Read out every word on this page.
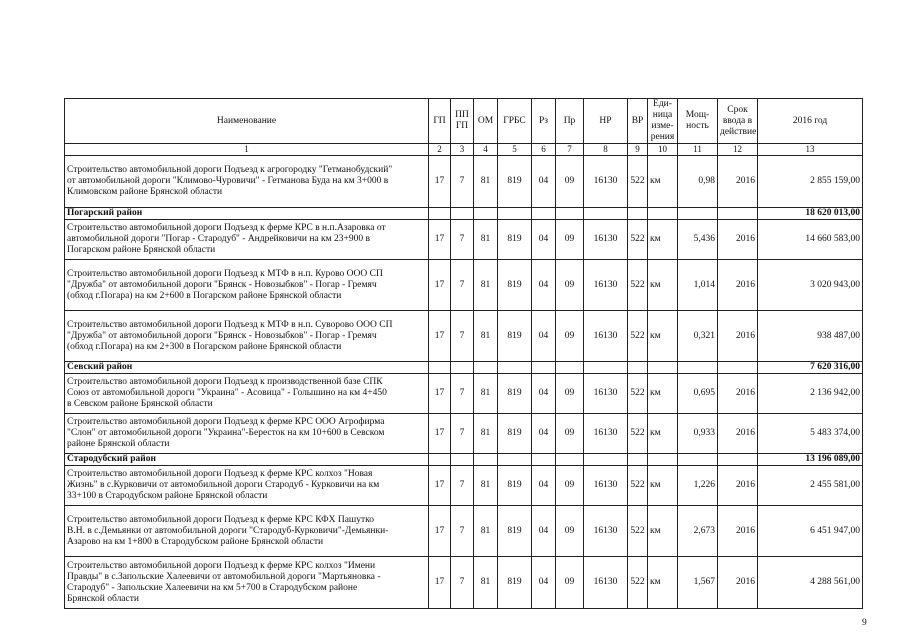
Наименование	ГП	ППГП	ОМ	ГРБС	Рз	Пр	НР	ВР	Еди-ница изме-рения	Мощ-ность	Срок ввода в действие	2016 год
1	2	3	4	5	6	7	8	9	10	11	12	13
Строительство автомобильной дороги Подъезд к агрогородку "Гетманобудский"
от автомобильной дороги "Климово-Чуровичи" - Гетманова Буда на км 3+000 в
Климовском районе Брянской области	17	7	81	819	04	09	16130	522	км	0,98	2016	2 855 159,00
Погарский район												18 620 013,00
Строительство автомобильной дороги Подъезд к ферме КРС в н.п.Азаровка от
автомобильной дороги "Погар - Стародуб" - Андрейковичи на км 23+900 в
Погарском районе Брянской области	17	7	81	819	04	09	16130	522	км	5,436	2016	14 660 583,00
Строительство автомобильной дороги Подъезд к МТФ в н.п. Курово ООО СП
"Дружба" от автомобильной дороги "Брянск - Новозыбков" - Погар - Гремяч
(обход г.Погара) на км 2+600 в Погарском районе Брянской области	17	7	81	819	04	09	16130	522	км	1,014	2016	3 020 943,00
Строительство автомобильной дороги Подъезд к МТФ в н.п. Суворово ООО СП
"Дружба" от автомобильной дороги "Брянск - Новозыбков" - Погар - Гремяч
(обход г.Погара) на км 2+300 в Погарском районе Брянской области	17	7	81	819	04	09	16130	522	км	0,321	2016	938 487,00
Севский район												7 620 316,00
Строительство автомобильной дороги Подъезд к производственной базе СПК
Союз от автомобильной дороги "Украина" - Асовица" - Голышино на км 4+450
в Севском районе Брянской области	17	7	81	819	04	09	16130	522	км	0,695	2016	2 136 942,00
Строительство автомобильной дороги Подъезд к ферме КРС ООО Агрофирма
"Слон" от автомобильной дороги "Украина"-Бересток на км 10+600 в Севском
районе Брянской области	17	7	81	819	04	09	16130	522	км	0,933	2016	5 483 374,00
Стародубский район												13 196 089,00
Строительство автомобильной дороги Подъезд к ферме КРС колхоз "Новая
Жизнь" в с.Курковичи от автомобильной дороги Стародуб - Курковичи на км
33+100 в Стародубском районе Брянской области	17	7	81	819	04	09	16130	522	км	1,226	2016	2 455 581,00
Строительство автомобильной дороги Подъезд к ферме КРС КФХ Пашутко
В.Н. в с.Демьянки от автомобильной дороги "Стародуб-Курковичи"-Демьянки-
Азарово на км 1+800 в Стародубском районе Брянской области	17	7	81	819	04	09	16130	522	км	2,673	2016	6 451 947,00
Строительство автомобильной дороги Подъезд к ферме КРС колхоз "Имени
Правды" в с.Запольские Халеевичи от автомобильной дороги "Мартьяновка -
Стародуб" - Запольские Халеевичи на км 5+700 в Стародубском районе
Брянской области	17	7	81	819	04	09	16130	522	км	1,567	2016	4 288 561,00
9
